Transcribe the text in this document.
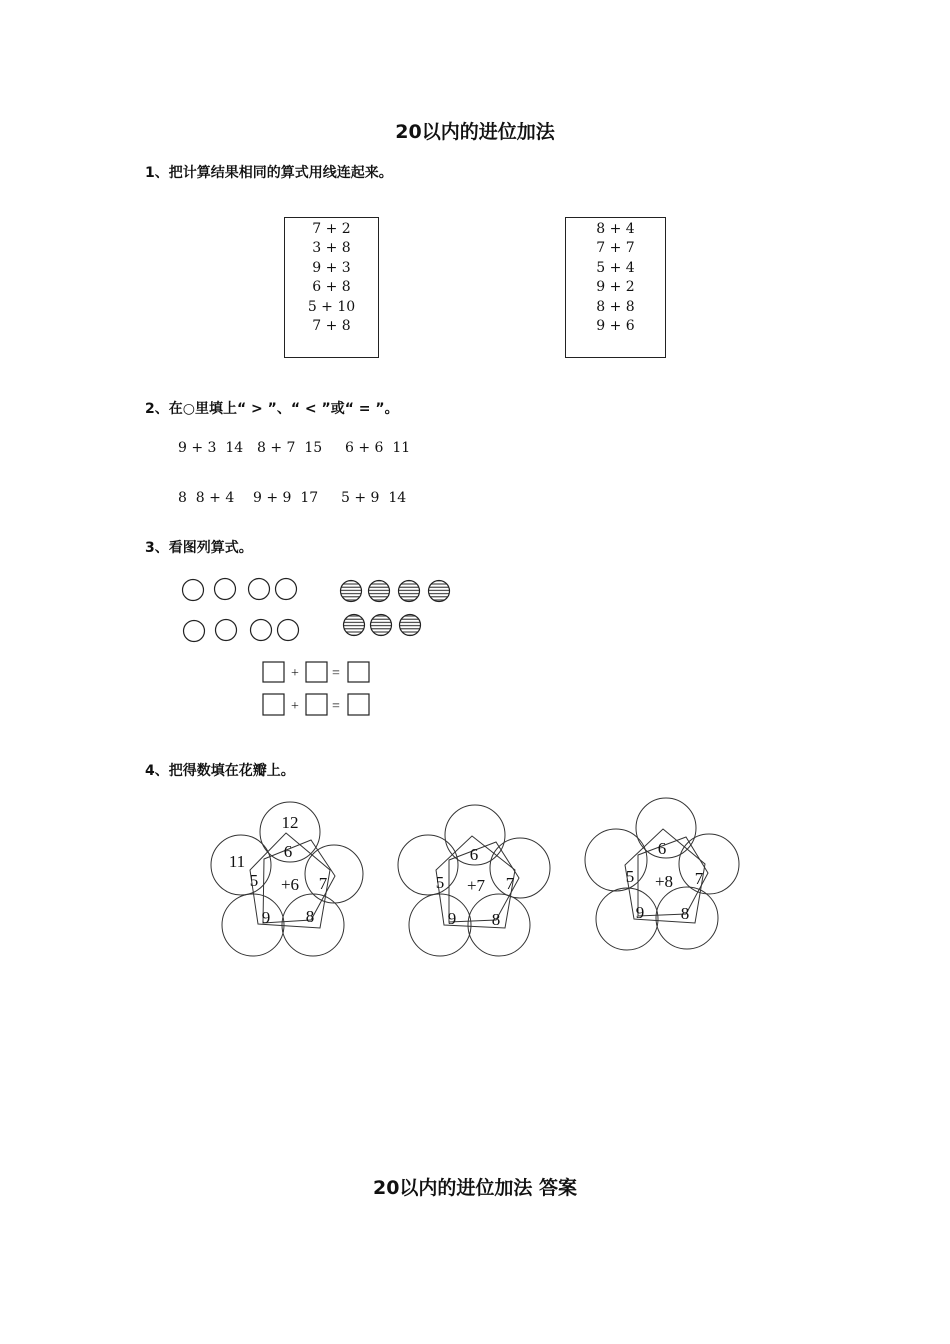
20以内的进位加法
1、把计算结果相同的算式用线连起来。
7 + 2
3 + 8
9 + 3
6 + 8
5 + 10
7 + 8
8 + 4
7 + 7
5 + 4
9 + 2
8 + 8
9 + 6
2、在○里填上“ > ”、“ < ”或“ = ”。
9 + 3  14 8 + 7  15 6 + 6  11
8  8 + 4 9 + 9  17 5 + 9  14
3、看图列算式。
+ =
+ =
12
11
6
+6
5	7
9 8
6
+7
5	7
9 8
6
+8
5	7
9 8
4、把得数填在花瓣上。
20以内的进位加法 答案
